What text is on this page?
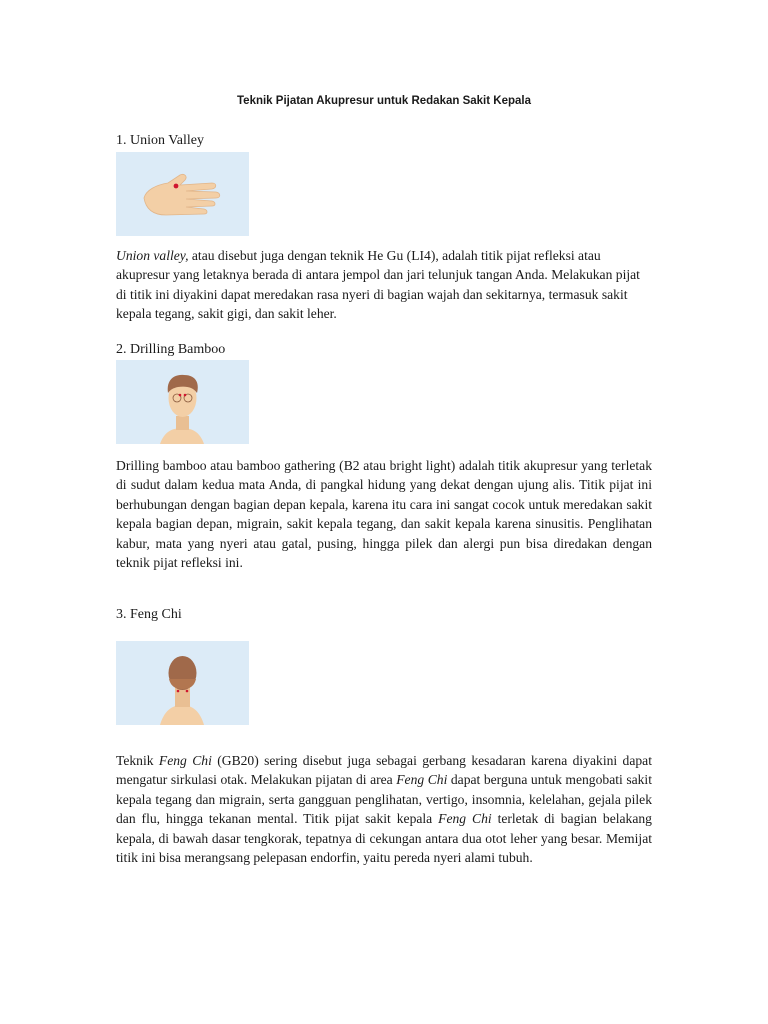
Teknik Pijatan Akupresur untuk Redakan Sakit Kepala
1. Union Valley

Union valley, atau disebut juga dengan teknik He Gu (LI4), adalah titik pijat refleksi atau akupresur yang letaknya berada di antara jempol dan jari telunjuk tangan Anda. Melakukan pijat di titik ini diyakini dapat meredakan rasa nyeri di bagian wajah dan sekitarnya, termasuk sakit kepala tegang, sakit gigi, dan sakit leher.

2. Drilling Bamboo

Drilling bamboo atau bamboo gathering (B2 atau bright light) adalah titik akupresur yang terletak di sudut dalam kedua mata Anda, di pangkal hidung yang dekat dengan ujung alis. Titik pijat ini berhubungan dengan bagian depan kepala, karena itu cara ini sangat cocok untuk meredakan sakit kepala bagian depan, migrain, sakit kepala tegang, dan sakit kepala karena sinusitis. Penglihatan kabur, mata yang nyeri atau gatal, pusing, hingga pilek dan alergi pun bisa diredakan dengan teknik pijat refleksi ini.

3. Feng Chi

Teknik Feng Chi (GB20) sering disebut juga sebagai gerbang kesadaran karena diyakini dapat mengatur sirkulasi otak. Melakukan pijatan di area Feng Chi dapat berguna untuk mengobati sakit kepala tegang dan migrain, serta gangguan penglihatan, vertigo, insomnia, kelelahan, gejala pilek dan flu, hingga tekanan mental. Titik pijat sakit kepala Feng Chi terletak di bagian belakang kepala, di bawah dasar tengkorak, tepatnya di cekungan antara dua otot leher yang besar. Memijat titik ini bisa merangsang pelepasan endorfin, yaitu pereda nyeri alami tubuh.
